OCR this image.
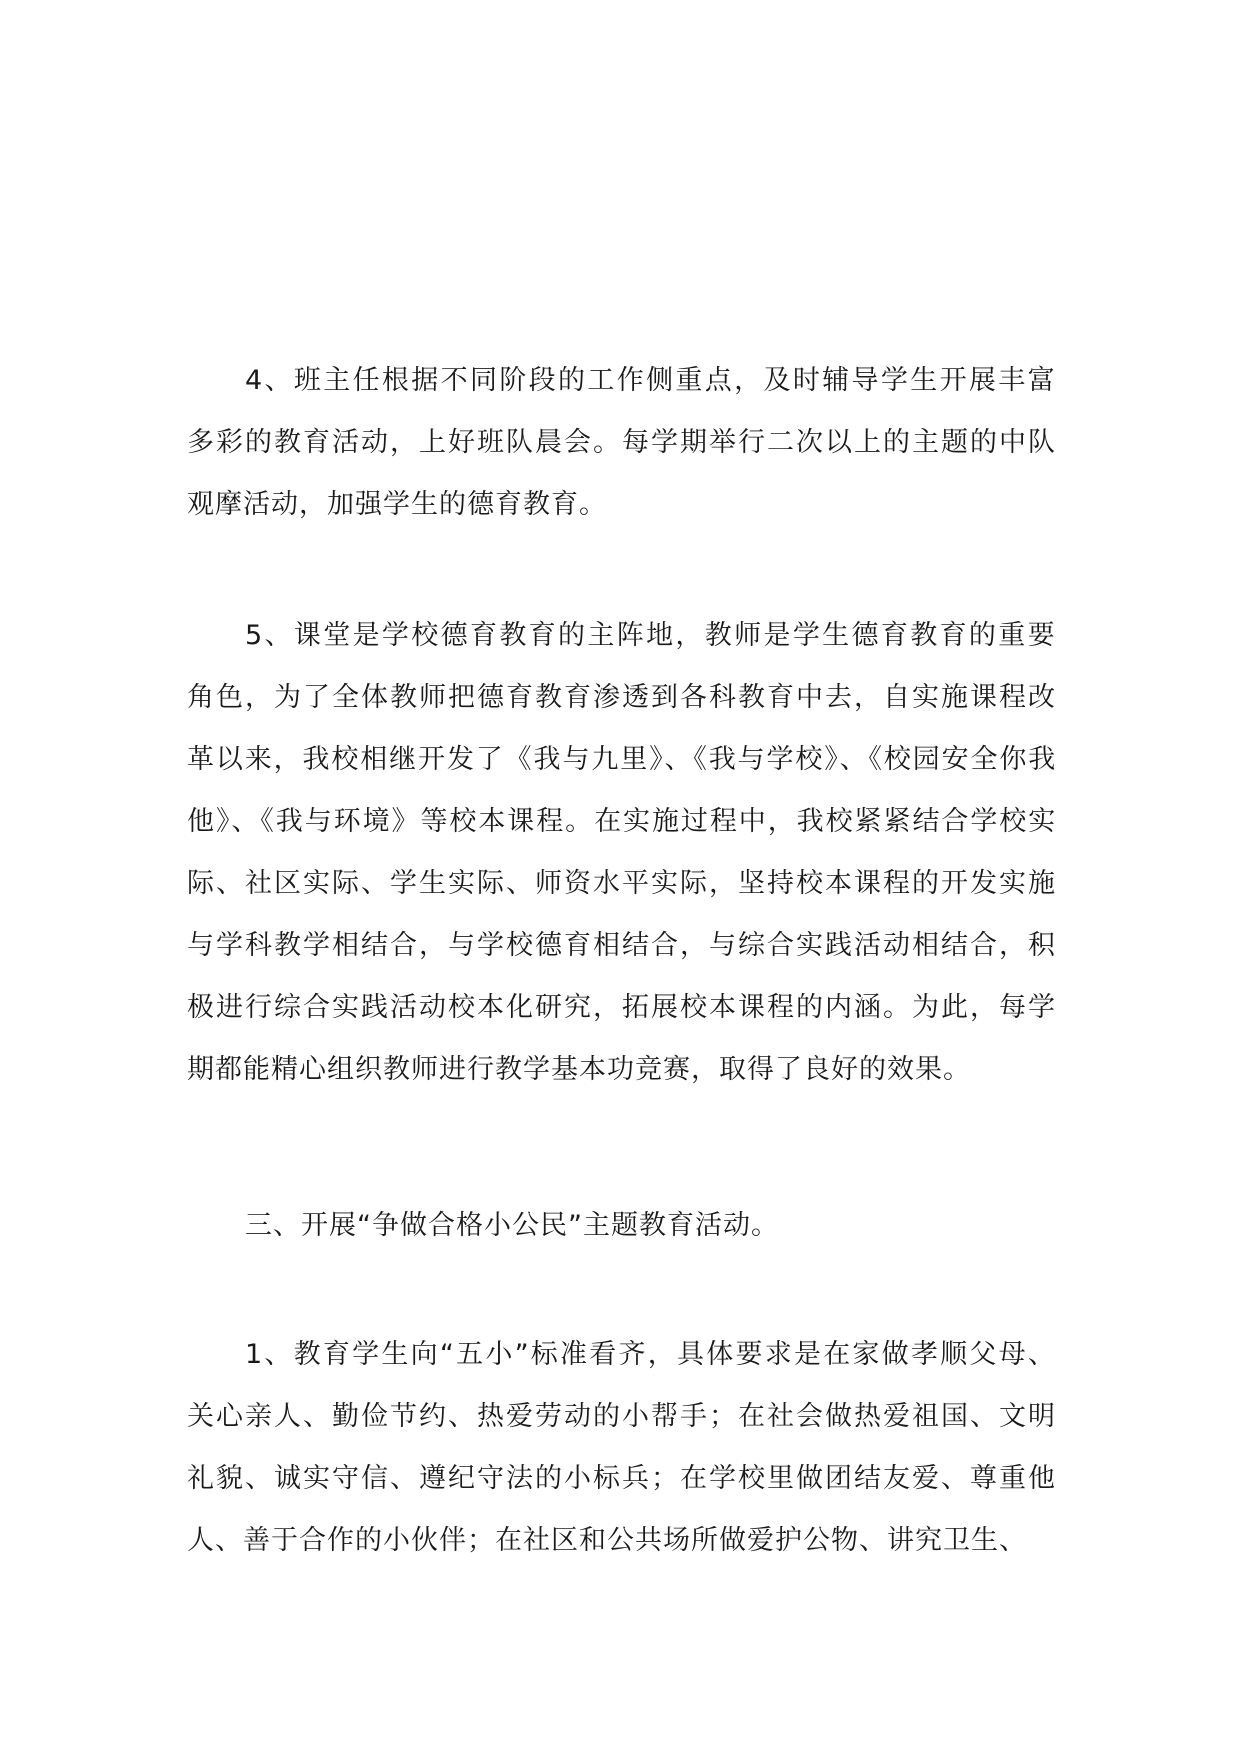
4、班主任根据不同阶段的工作侧重点，及时辅导学生开展丰富
多彩的教育活动，上好班队晨会。每学期举行二次以上的主题的中队
观摩活动，加强学生的德育教育。
5、课堂是学校德育教育的主阵地，教师是学生德育教育的重要
角色，为了全体教师把德育教育渗透到各科教育中去，自实施课程改
革以来，我校相继开发了《我与九里》、《我与学校》、《校园安全你我
他》、《我与环境》等校本课程。在实施过程中，我校紧紧结合学校实
际、社区实际、学生实际、师资水平实际，坚持校本课程的开发实施
与学科教学相结合，与学校德育相结合，与综合实践活动相结合，积
极进行综合实践活动校本化研究，拓展校本课程的内涵。为此，每学
期都能精心组织教师进行教学基本功竞赛，取得了良好的效果。
三、开展“争做合格小公民”主题教育活动。
1、教育学生向“五小”标准看齐，具体要求是在家做孝顺父母、
关心亲人、勤俭节约、热爱劳动的小帮手；在社会做热爱祖国、文明
礼貌、诚实守信、遵纪守法的小标兵；在学校里做团结友爱、尊重他
人、善于合作的小伙伴；在社区和公共场所做爱护公物、讲究卫生、
